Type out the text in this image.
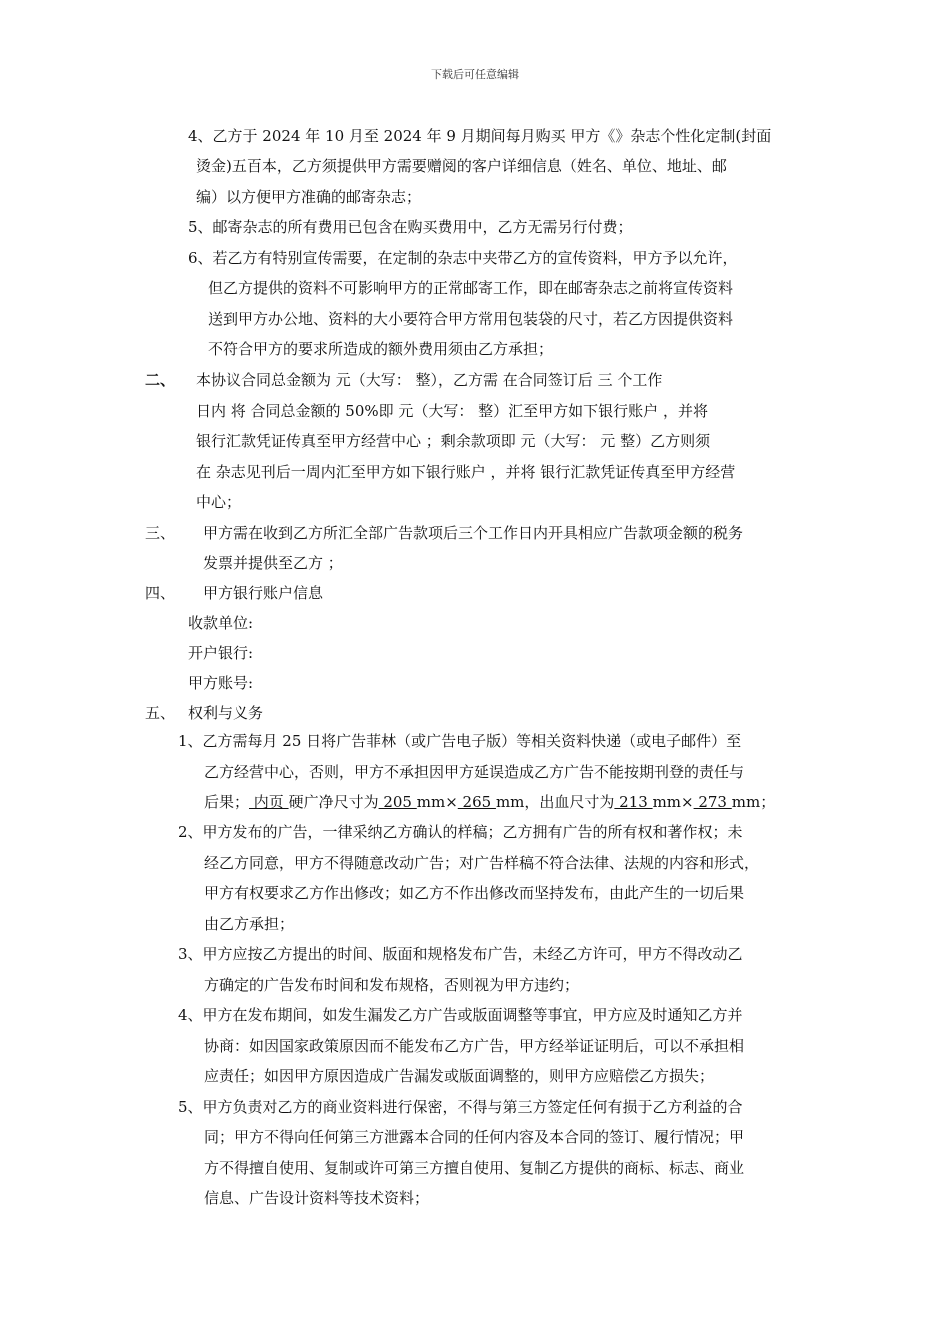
下载后可任意编辑
4、乙方于 2024 年 10 月至 2024 年 9 月期间每月购买 甲方《》杂志个性化定制(封面
烫金)五百本，乙方须提供甲方需要赠阅的客户详细信息（姓名、单位、地址、邮
编）以方便甲方准确的邮寄杂志；
5、邮寄杂志的所有费用已包含在购买费用中，乙方无需另行付费；
6、若乙方有特别宣传需要，在定制的杂志中夹带乙方的宣传资料，甲方予以允许，
但乙方提供的资料不可影响甲方的正常邮寄工作，即在邮寄杂志之前将宣传资料
送到甲方办公地、资料的大小要符合甲方常用包装袋的尺寸，若乙方因提供资料
不符合甲方的要求所造成的额外费用须由乙方承担；
二、 本协议合同总金额为 元（大写： 整），乙方需 在合同签订后 三 个工作
日内 将 合同总金额的 50%即 元（大写： 整）汇至甲方如下银行账户 ，并将
银行汇款凭证传真至甲方经营中心 ；剩余款项即 元（大写： 元 整）乙方则须
在 杂志见刊后一周内汇至甲方如下银行账户 ，并将 银行汇款凭证传真至甲方经营
中心；
三、 甲方需在收到乙方所汇全部广告款项后三个工作日内开具相应广告款项金额的税务
发票并提供至乙方 ；
四、 甲方银行账户信息
收款单位:
开户银行:
甲方账号:
五、 权利与义务
1、乙方需每月 25 日将广告菲林（或广告电子版）等相关资料快递（或电子邮件）至
乙方经营中心，否则，甲方不承担因甲方延误造成乙方广告不能按期刊登的责任与
后果； 内页 硬广净尺寸为 205 mm× 265 mm，出血尺寸为 213 mm× 273 mm；
2、甲方发布的广告，一律采纳乙方确认的样稿；乙方拥有广告的所有权和著作权；未
经乙方同意，甲方不得随意改动广告；对广告样稿不符合法律、法规的内容和形式，
甲方有权要求乙方作出修改；如乙方不作出修改而坚持发布，由此产生的一切后果
由乙方承担；
3、甲方应按乙方提出的时间、版面和规格发布广告，未经乙方许可，甲方不得改动乙
方确定的广告发布时间和发布规格，否则视为甲方违约；
4、甲方在发布期间，如发生漏发乙方广告或版面调整等事宜，甲方应及时通知乙方并
协商：如因国家政策原因而不能发布乙方广告，甲方经举证证明后，可以不承担相
应责任；如因甲方原因造成广告漏发或版面调整的，则甲方应赔偿乙方损失；
5、甲方负责对乙方的商业资料进行保密，不得与第三方签定任何有损于乙方利益的合
同；甲方不得向任何第三方泄露本合同的任何内容及本合同的签订、履行情况；甲
方不得擅自使用、复制或许可第三方擅自使用、复制乙方提供的商标、标志、商业
信息、广告设计资料等技术资料；
